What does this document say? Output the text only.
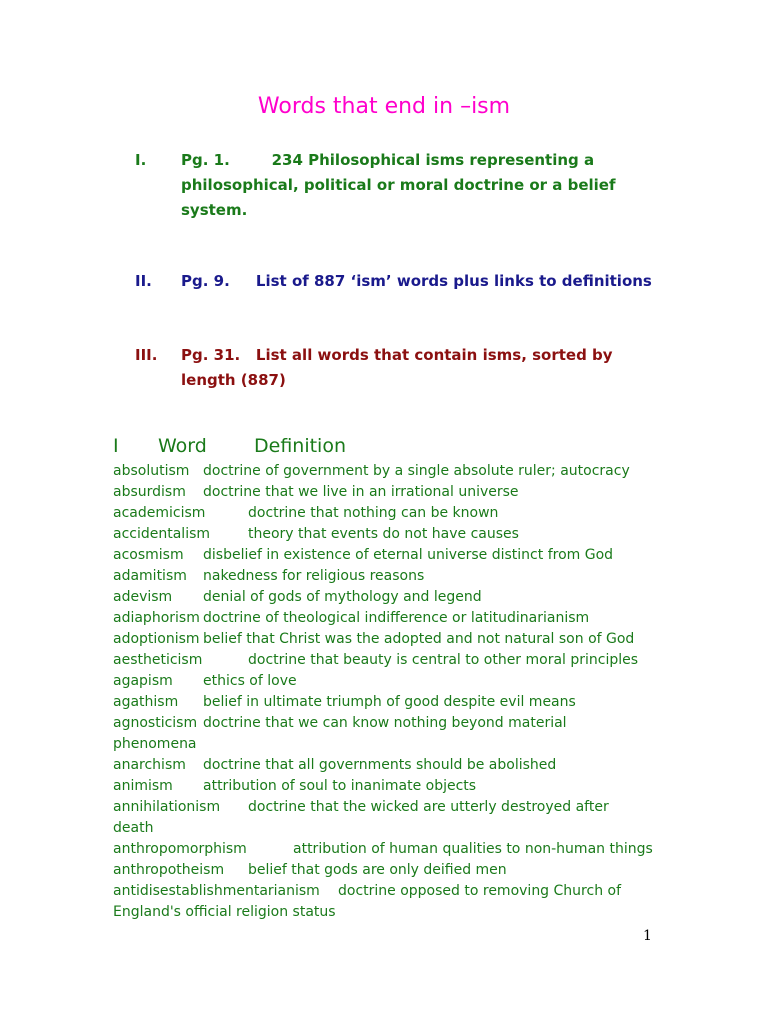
Words that end in –ism
I. Pg. 1.	234 Philosophical isms representing a philosophical, political or moral doctrine or a belief system.
II. Pg. 9. List of 887 ‘ism’ words plus links to definitions
III. Pg. 31. List all words that contain isms, sorted by length (887)
I Word Definition
absolutism doctrine of government by a single absolute ruler; autocracy
absurdism doctrine that we live in an irrational universe
academicism	doctrine that nothing can be known
accidentalism	theory that events do not have causes
acosmism disbelief in existence of eternal universe distinct from God
adamitism nakedness for religious reasons
adevism denial of gods of mythology and legend
adiaphorism doctrine of theological indifference or latitudinarianism
adoptionism belief that Christ was the adopted and not natural son of God
aestheticism	doctrine that beauty is central to other moral principles
agapism ethics of love
agathism belief in ultimate triumph of good despite evil means
agnosticism doctrine that we can know nothing beyond material phenomena
anarchism doctrine that all governments should be abolished
animism attribution of soul to inanimate objects
annihilationism doctrine that the wicked are utterly destroyed after death
anthropomorphism	attribution of human qualities to non-human things
anthropotheism belief that gods are only deified men
antidisestablishmentarianism doctrine opposed to removing Church of England's official religion status
1
